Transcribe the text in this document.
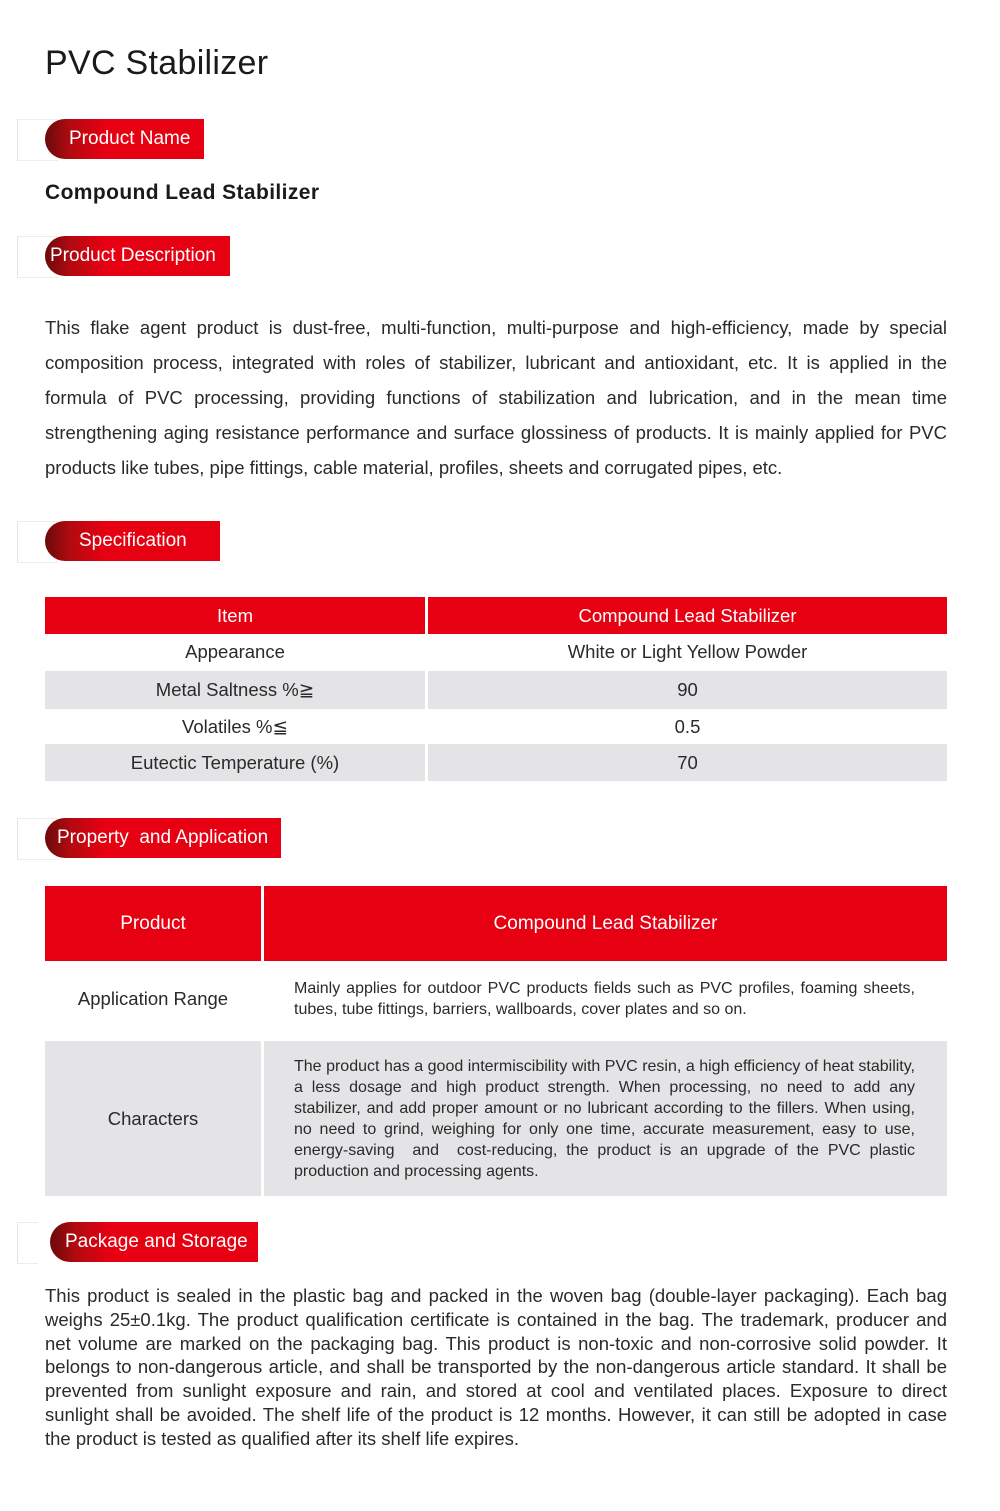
PVC Stabilizer
Product Name
Compound Lead Stabilizer
Product Description
This flake agent product is dust-free, multi-function, multi-purpose and high-efficiency, made by special composition process, integrated with roles of stabilizer, lubricant and antioxidant, etc. It is applied in the formula of PVC processing, providing functions of stabilization and lubrication, and in the mean time strengthening aging resistance performance and surface glossiness of products. It is mainly applied for PVC products like tubes, pipe fittings, cable material, profiles, sheets and corrugated pipes, etc.
Specification
Item	Compound Lead Stabilizer
Appearance	White or Light Yellow Powder
Metal Saltness %≧	90
Volatiles %≦	0.5
Eutectic Temperature (%)	70
Property  and Application
Product	Compound Lead Stabilizer
Application Range	Mainly applies for outdoor PVC products fields such as PVC profiles, foaming sheets, tubes, tube fittings, barriers, wallboards, cover plates and so on.
Characters	The product has a good intermiscibility with PVC resin, a high efficiency of heat stability, a less dosage and high product strength. When processing, no need to add any stabilizer, and add proper amount or no lubricant according to the fillers. When using, no need to grind, weighing for only one time, accurate measurement, easy to use, energy-saving  and  cost-reducing, the product is an upgrade of the PVC plastic production and processing agents.
Package and Storage
This product is sealed in the plastic bag and packed in the woven bag (double-layer packaging). Each bag weighs 25±0.1kg. The product qualification certificate is contained in the bag. The trademark, producer and net volume are marked on the packaging bag. This product is non-toxic and non-corrosive solid powder. It belongs to non-dangerous article, and shall be transported by the non-dangerous article standard. It shall be prevented from sunlight exposure and rain, and stored at cool and ventilated places. Exposure to direct sunlight shall be avoided. The shelf life of the product is 12 months. However, it can still be adopted in case the product is tested as qualified after its shelf life expires.
